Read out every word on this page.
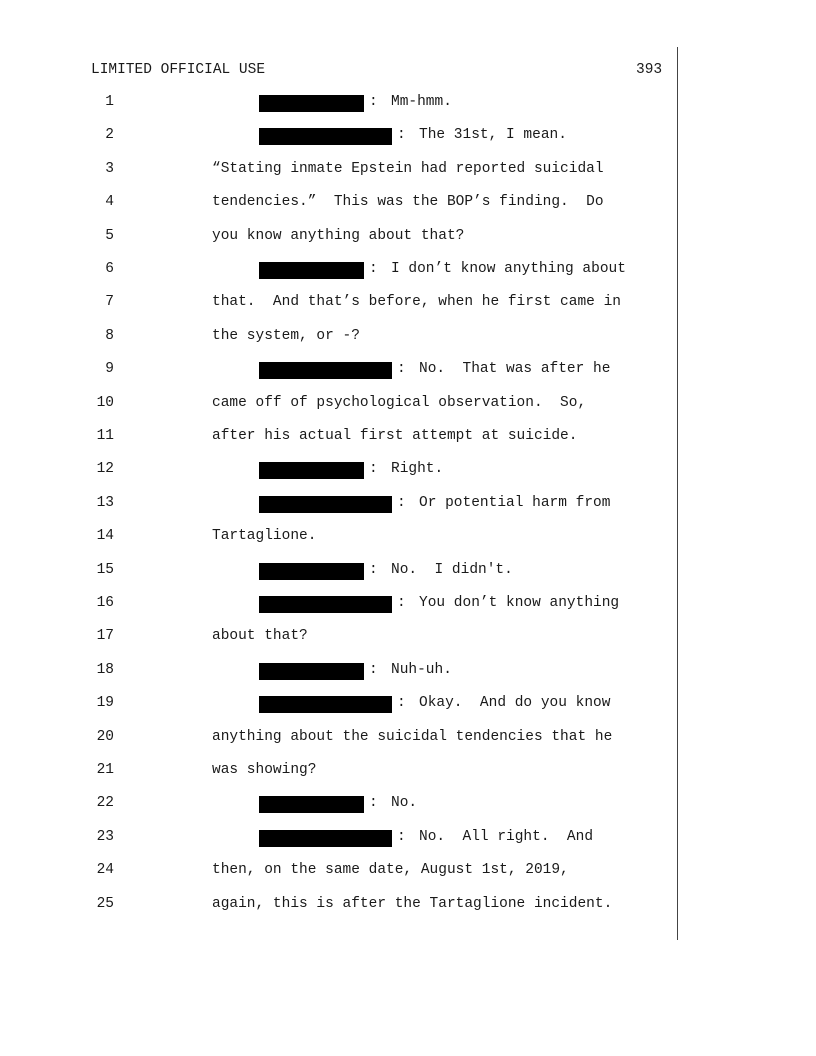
LIMITED OFFICIAL USE	393
1	: Mm-hmm.
2	: The 31st, I mean.
3	“Stating inmate Epstein had reported suicidal
4	tendencies.”  This was the BOP’s finding.  Do
5	you know anything about that?
6	: I don’t know anything about
7	that.  And that’s before, when he first came in
8	the system, or -?
9	: No.  That was after he
10	came off of psychological observation.  So,
11	after his actual first attempt at suicide.
12	: Right.
13	: Or potential harm from
14	Tartaglione.
15	: No.  I didn't.
16	: You don’t know anything
17	about that?
18	: Nuh-uh.
19	: Okay.  And do you know
20	anything about the suicidal tendencies that he
21	was showing?
22	: No.
23	: No.  All right.  And
24	then, on the same date, August 1st, 2019,
25	again, this is after the Tartaglione incident.
